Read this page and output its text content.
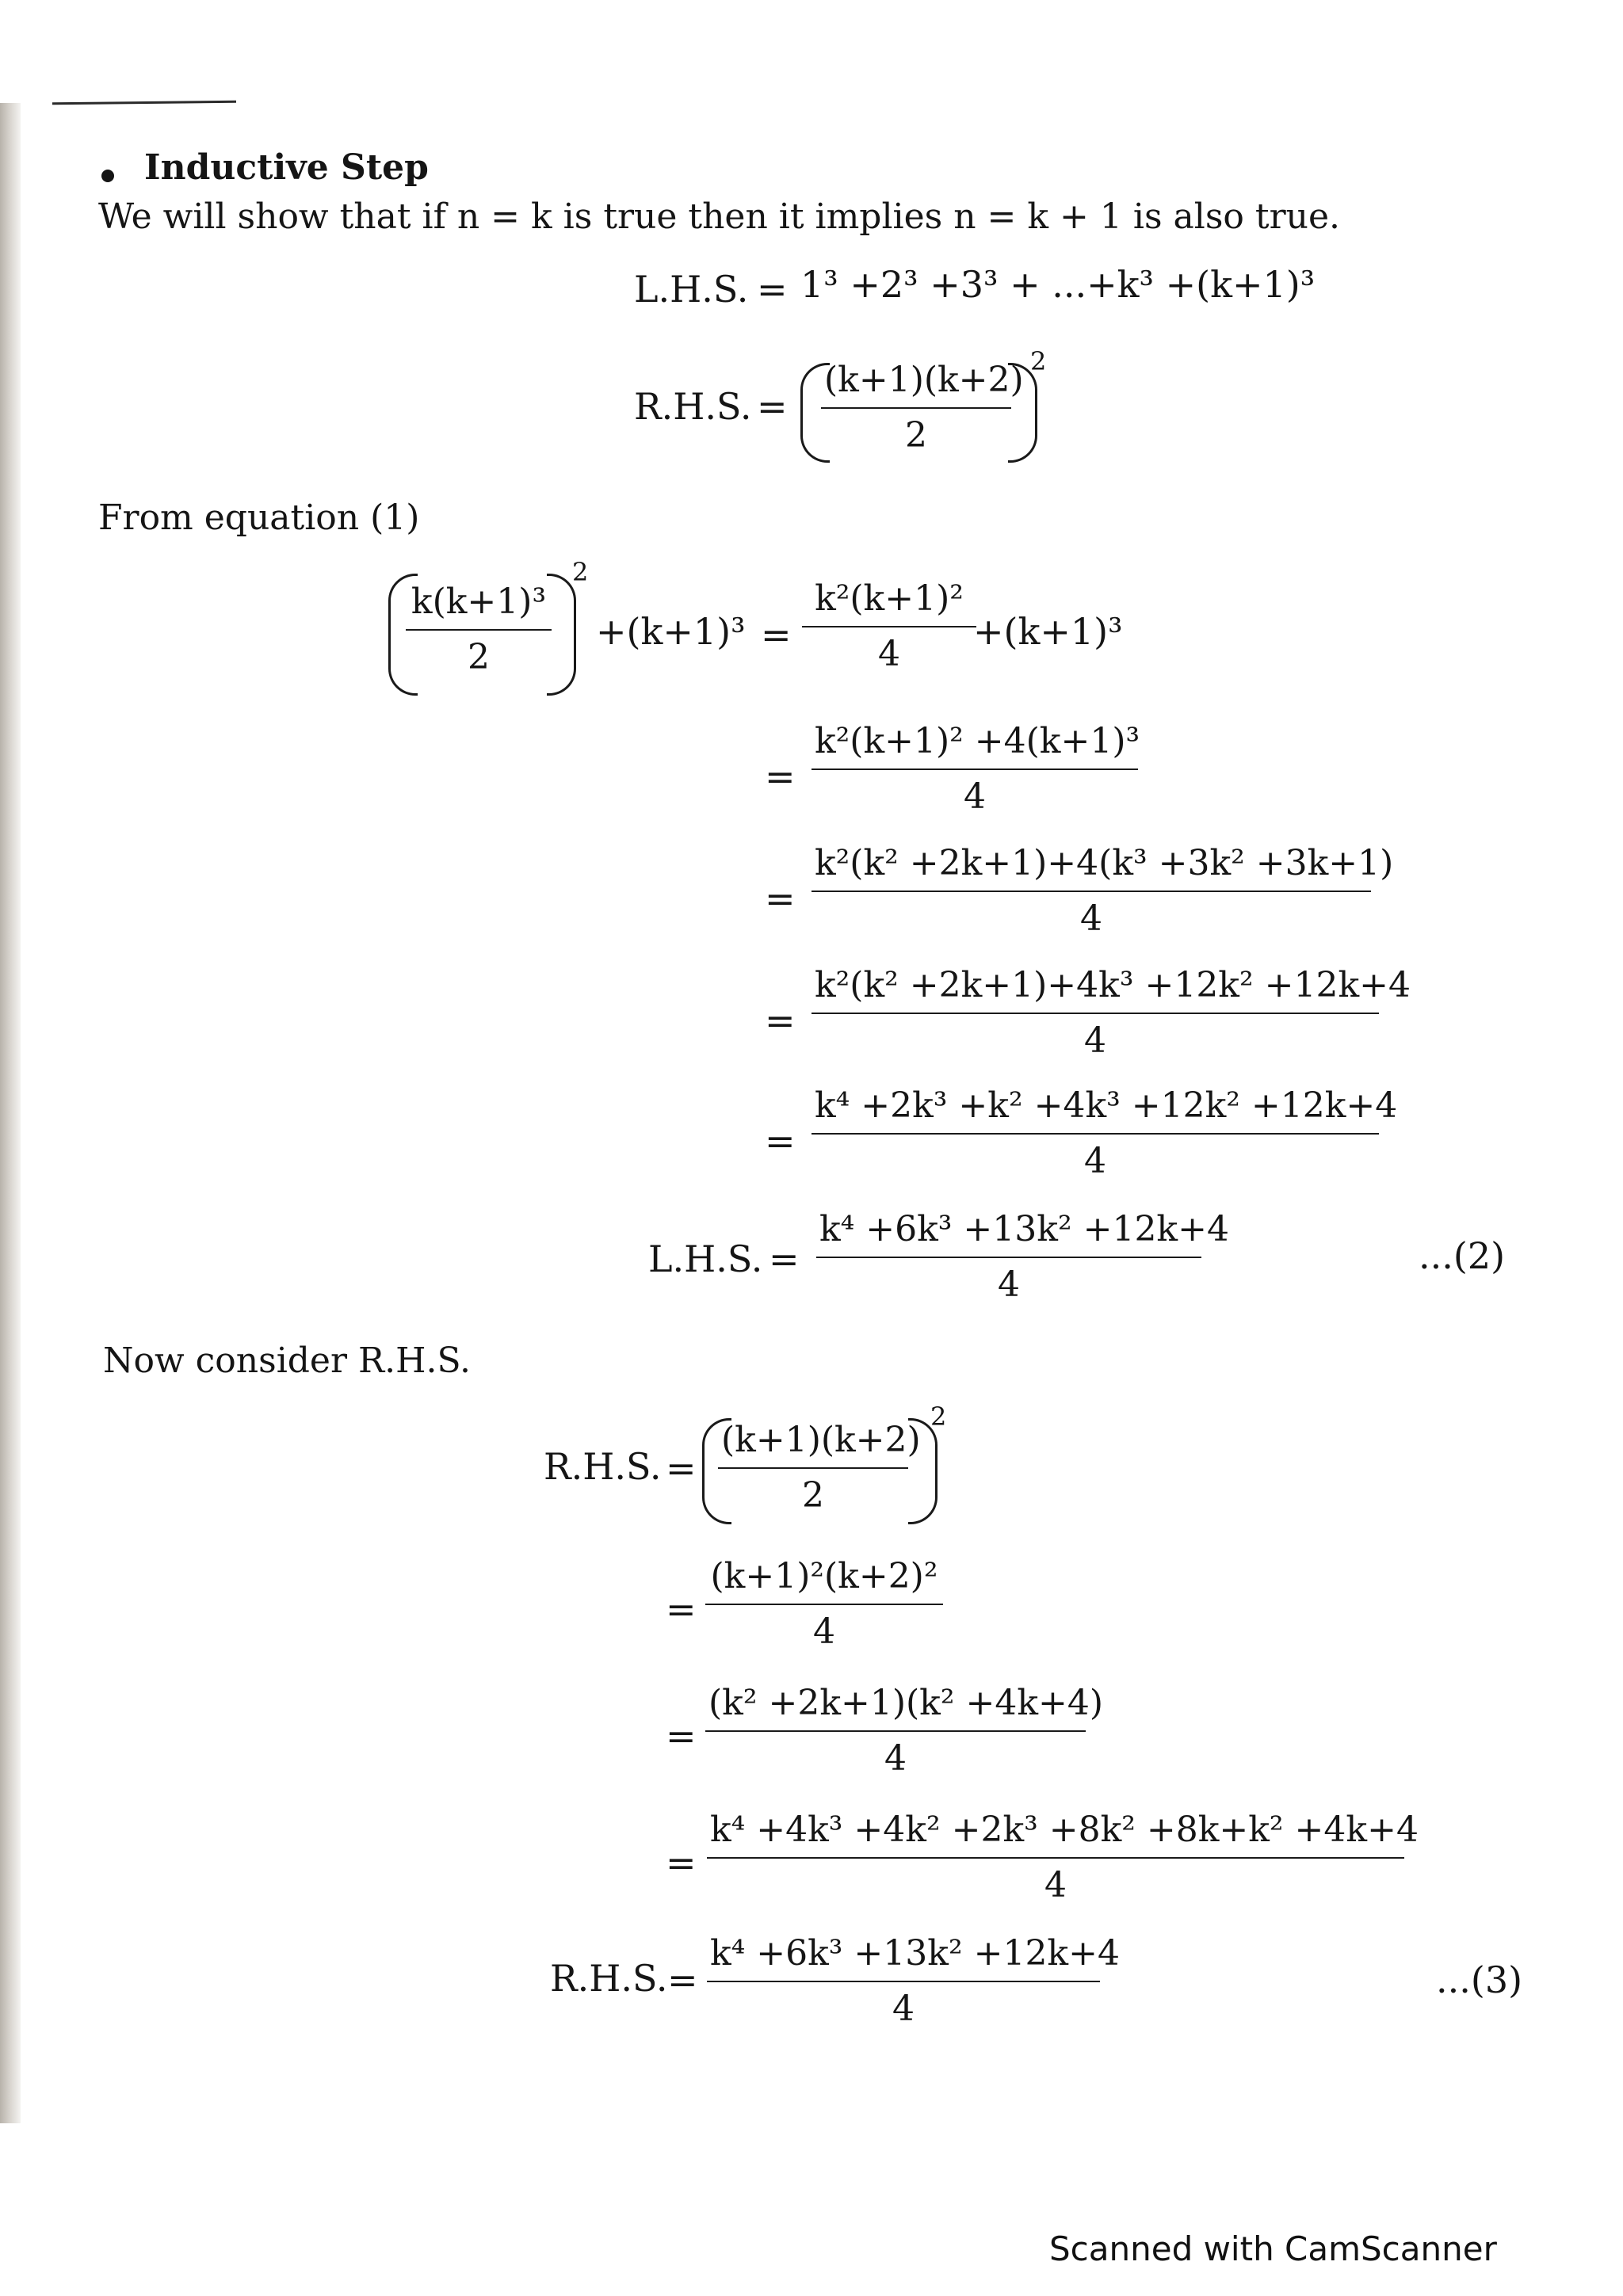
Inductive Step
We will show that if n = k is true then it implies n = k + 1 is also true.
L.H.S. = 1³ +2³ +3³ + ...+k³ +(k+1)³
R.H.S. = $\frac{(k+1)(k+2)}{2}$
2
From equation (1)
$\frac{\text{k(k+1)³}}{2}$
2
$+(k+1)^3 = \frac{\text{k²(k+1)²}}{4}$
+(k+1)³
= $\frac{\text{k²(k+1)² +4(k+1)³}}{4}$
= $\frac{\text{k²(k² +2k+1)+4(k³ +3k² +3k+1)}}{4}$
= $\frac{\text{k²(k² +2k+1)+4k³ +12k² +12k+4}}{4}$
= $\frac{\text{k⁴ +2k³ +k² +4k³ +12k² +12k+4}}{4}$
L.H.S. = $\frac{\text{k⁴ +6k³ +13k² +12k+4}}{4}$	...(2)
Now consider R.H.S.
R.H.S. = $\frac{(k+1)(k+2)}{2}$
2
= $\frac{\text{(k+1)²(k+2)²}}{4}$
= $\frac{\text{(k² +2k+1)(k² +4k+4)}}{4}$
= $\frac{\text{k⁴ +4k³ +4k² +2k³ +8k² +8k+k² +4k+4}}{4}$
R.H.S. = $\frac{\text{k⁴ +6k³ +13k² +12k+4}}{4}$	...(3)
Scanned with CamScanner
